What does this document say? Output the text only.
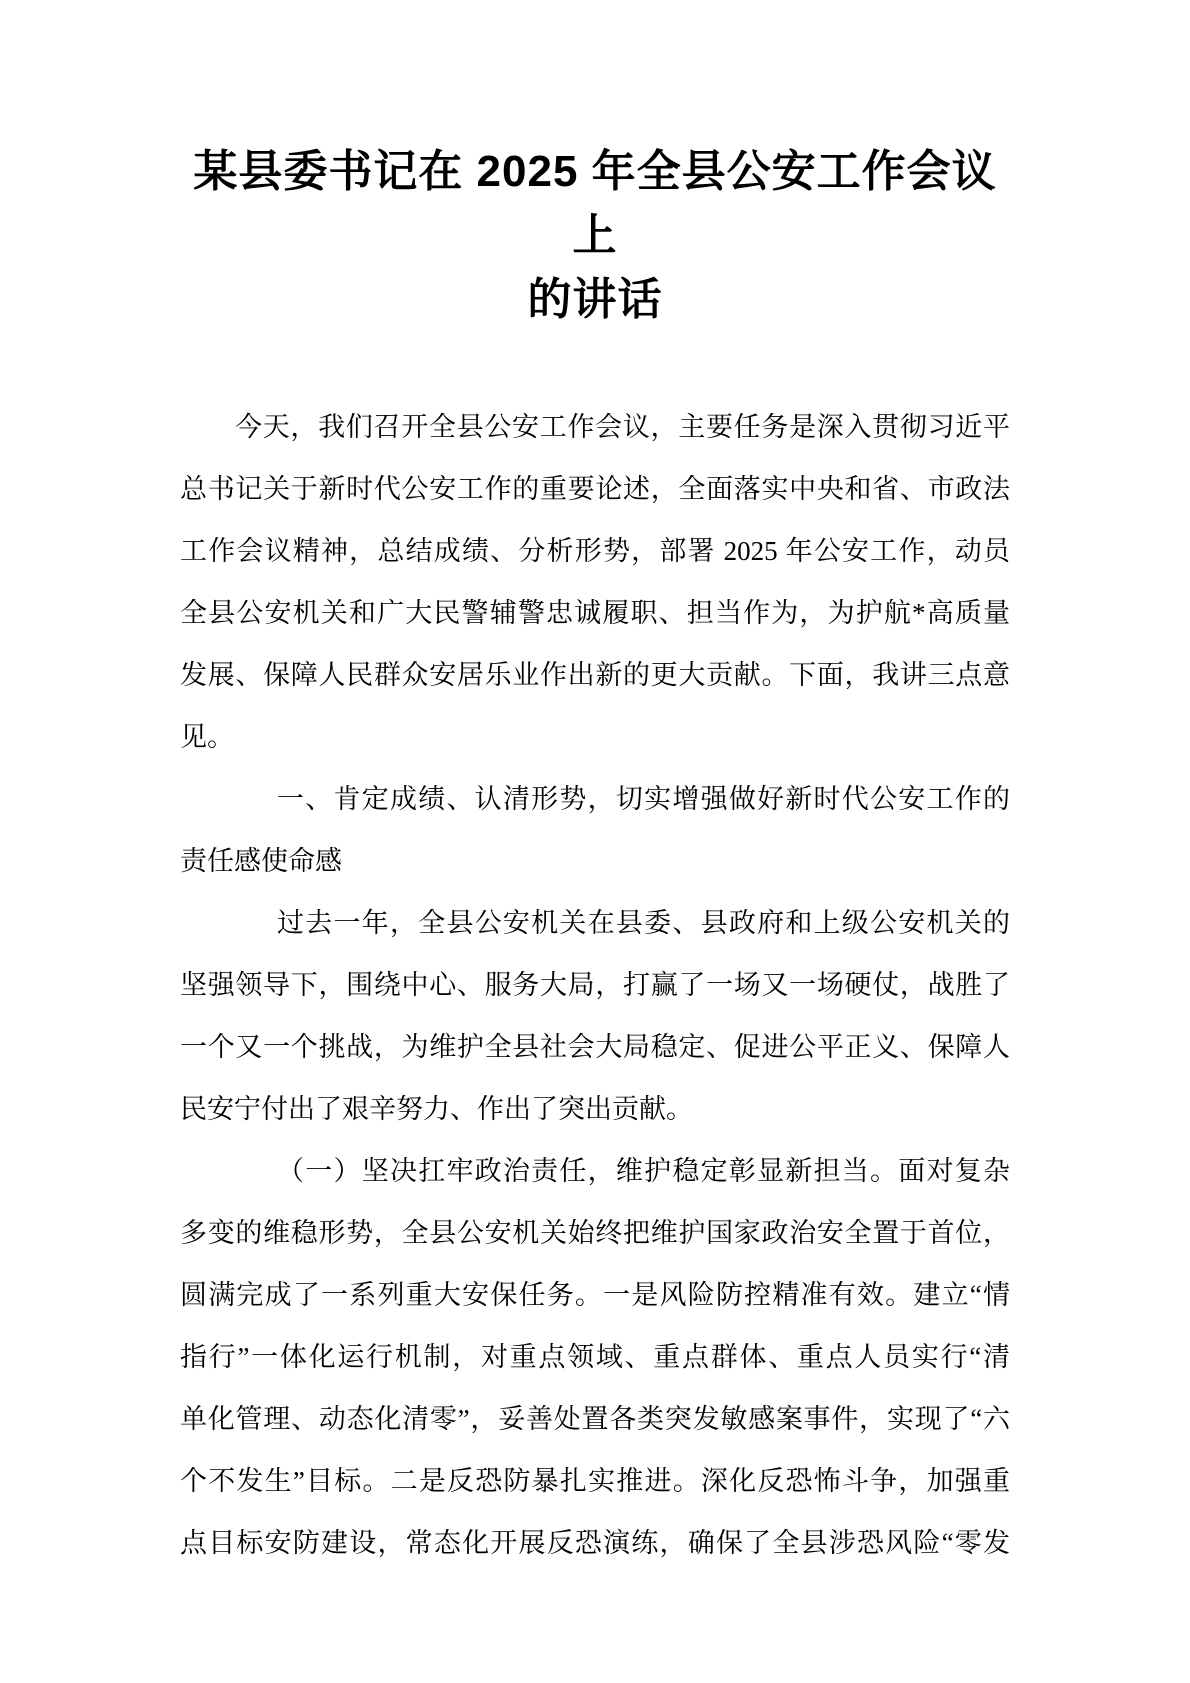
某县委书记在 2025 年全县公安工作会议上
的讲话
今天，我们召开全县公安工作会议，主要任务是深入贯彻习近平
总书记关于新时代公安工作的重要论述，全面落实中央和省、市政法
工作会议精神，总结成绩、分析形势，部署 2025 年公安工作，动员
全县公安机关和广大民警辅警忠诚履职、担当作为，为护航*高质量
发展、保障人民群众安居乐业作出新的更大贡献。下面，我讲三点意
见。
一、肯定成绩、认清形势，切实增强做好新时代公安工作的
责任感使命感
过去一年，全县公安机关在县委、县政府和上级公安机关的
坚强领导下，围绕中心、服务大局，打赢了一场又一场硬仗，战胜了
一个又一个挑战，为维护全县社会大局稳定、促进公平正义、保障人
民安宁付出了艰辛努力、作出了突出贡献。
（一）坚决扛牢政治责任，维护稳定彰显新担当。面对复杂
多变的维稳形势，全县公安机关始终把维护国家政治安全置于首位，
圆满完成了一系列重大安保任务。一是风险防控精准有效。建立“情
指行”一体化运行机制，对重点领域、重点群体、重点人员实行“清
单化管理、动态化清零”，妥善处置各类突发敏感案事件，实现了“六
个不发生”目标。二是反恐防暴扎实推进。深化反恐怖斗争，加强重
点目标安防建设，常态化开展反恐演练，确保了全县涉恐风险“零发
